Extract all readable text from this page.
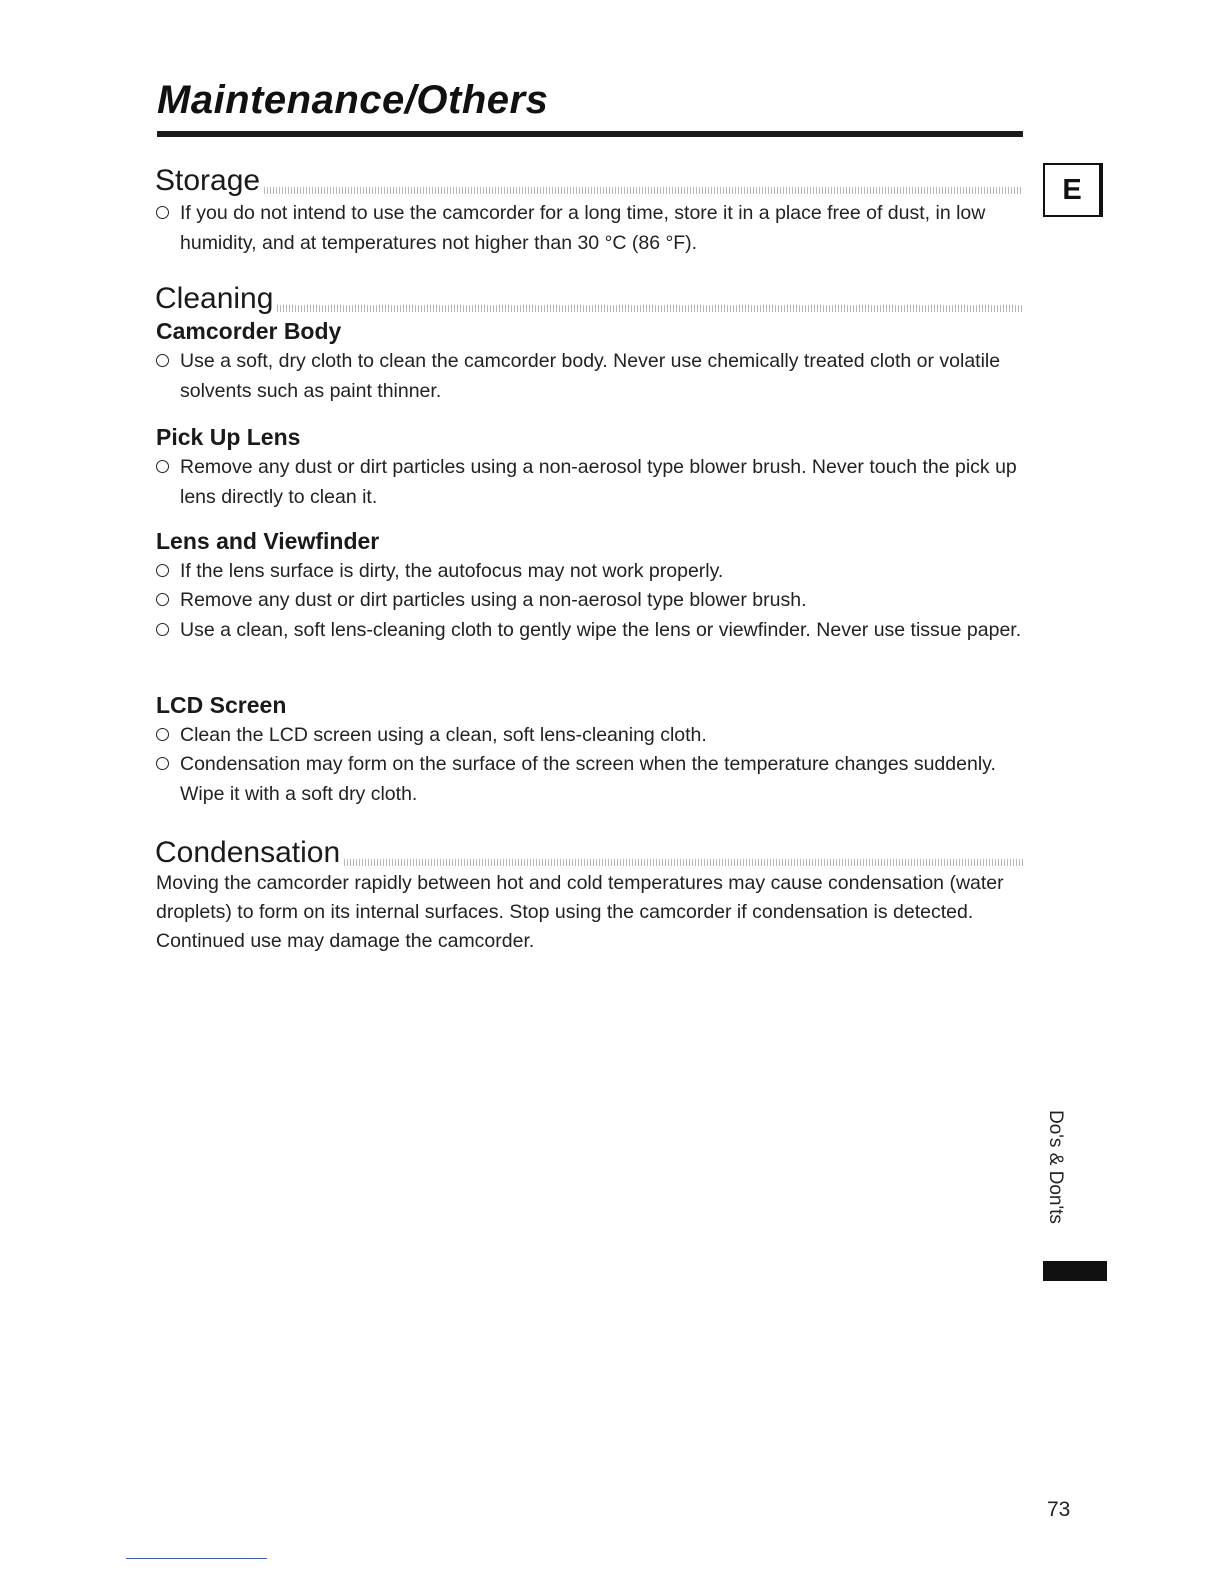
Maintenance/Others
E
Storage

If you do not intend to use the camcorder for a long time, store it in a place free of dust, in low humidity, and at temperatures not higher than 30 °C (86 °F).

Cleaning
Camcorder Body

Use a soft, dry cloth to clean the camcorder body. Never use chemically treated cloth or volatile solvents such as paint thinner.

Pick Up Lens

Remove any dust or dirt particles using a non-aerosol type blower brush. Never touch the pick up lens directly to clean it.

Lens and Viewfinder

If the lens surface is dirty, the autofocus may not work properly.

Remove any dust or dirt particles using a non-aerosol type blower brush.

Use a clean, soft lens-cleaning cloth to gently wipe the lens or viewfinder. Never use tissue paper.

LCD Screen

Clean the LCD screen using a clean, soft lens-cleaning cloth.

Condensation may form on the surface of the screen when the temperature changes suddenly. Wipe it with a soft dry cloth.

Condensation

Moving the camcorder rapidly between hot and cold temperatures may cause condensation (water droplets) to form on its internal surfaces. Stop using the camcorder if condensation is detected. Continued use may damage the camcorder.

Do's & Don'ts
73
